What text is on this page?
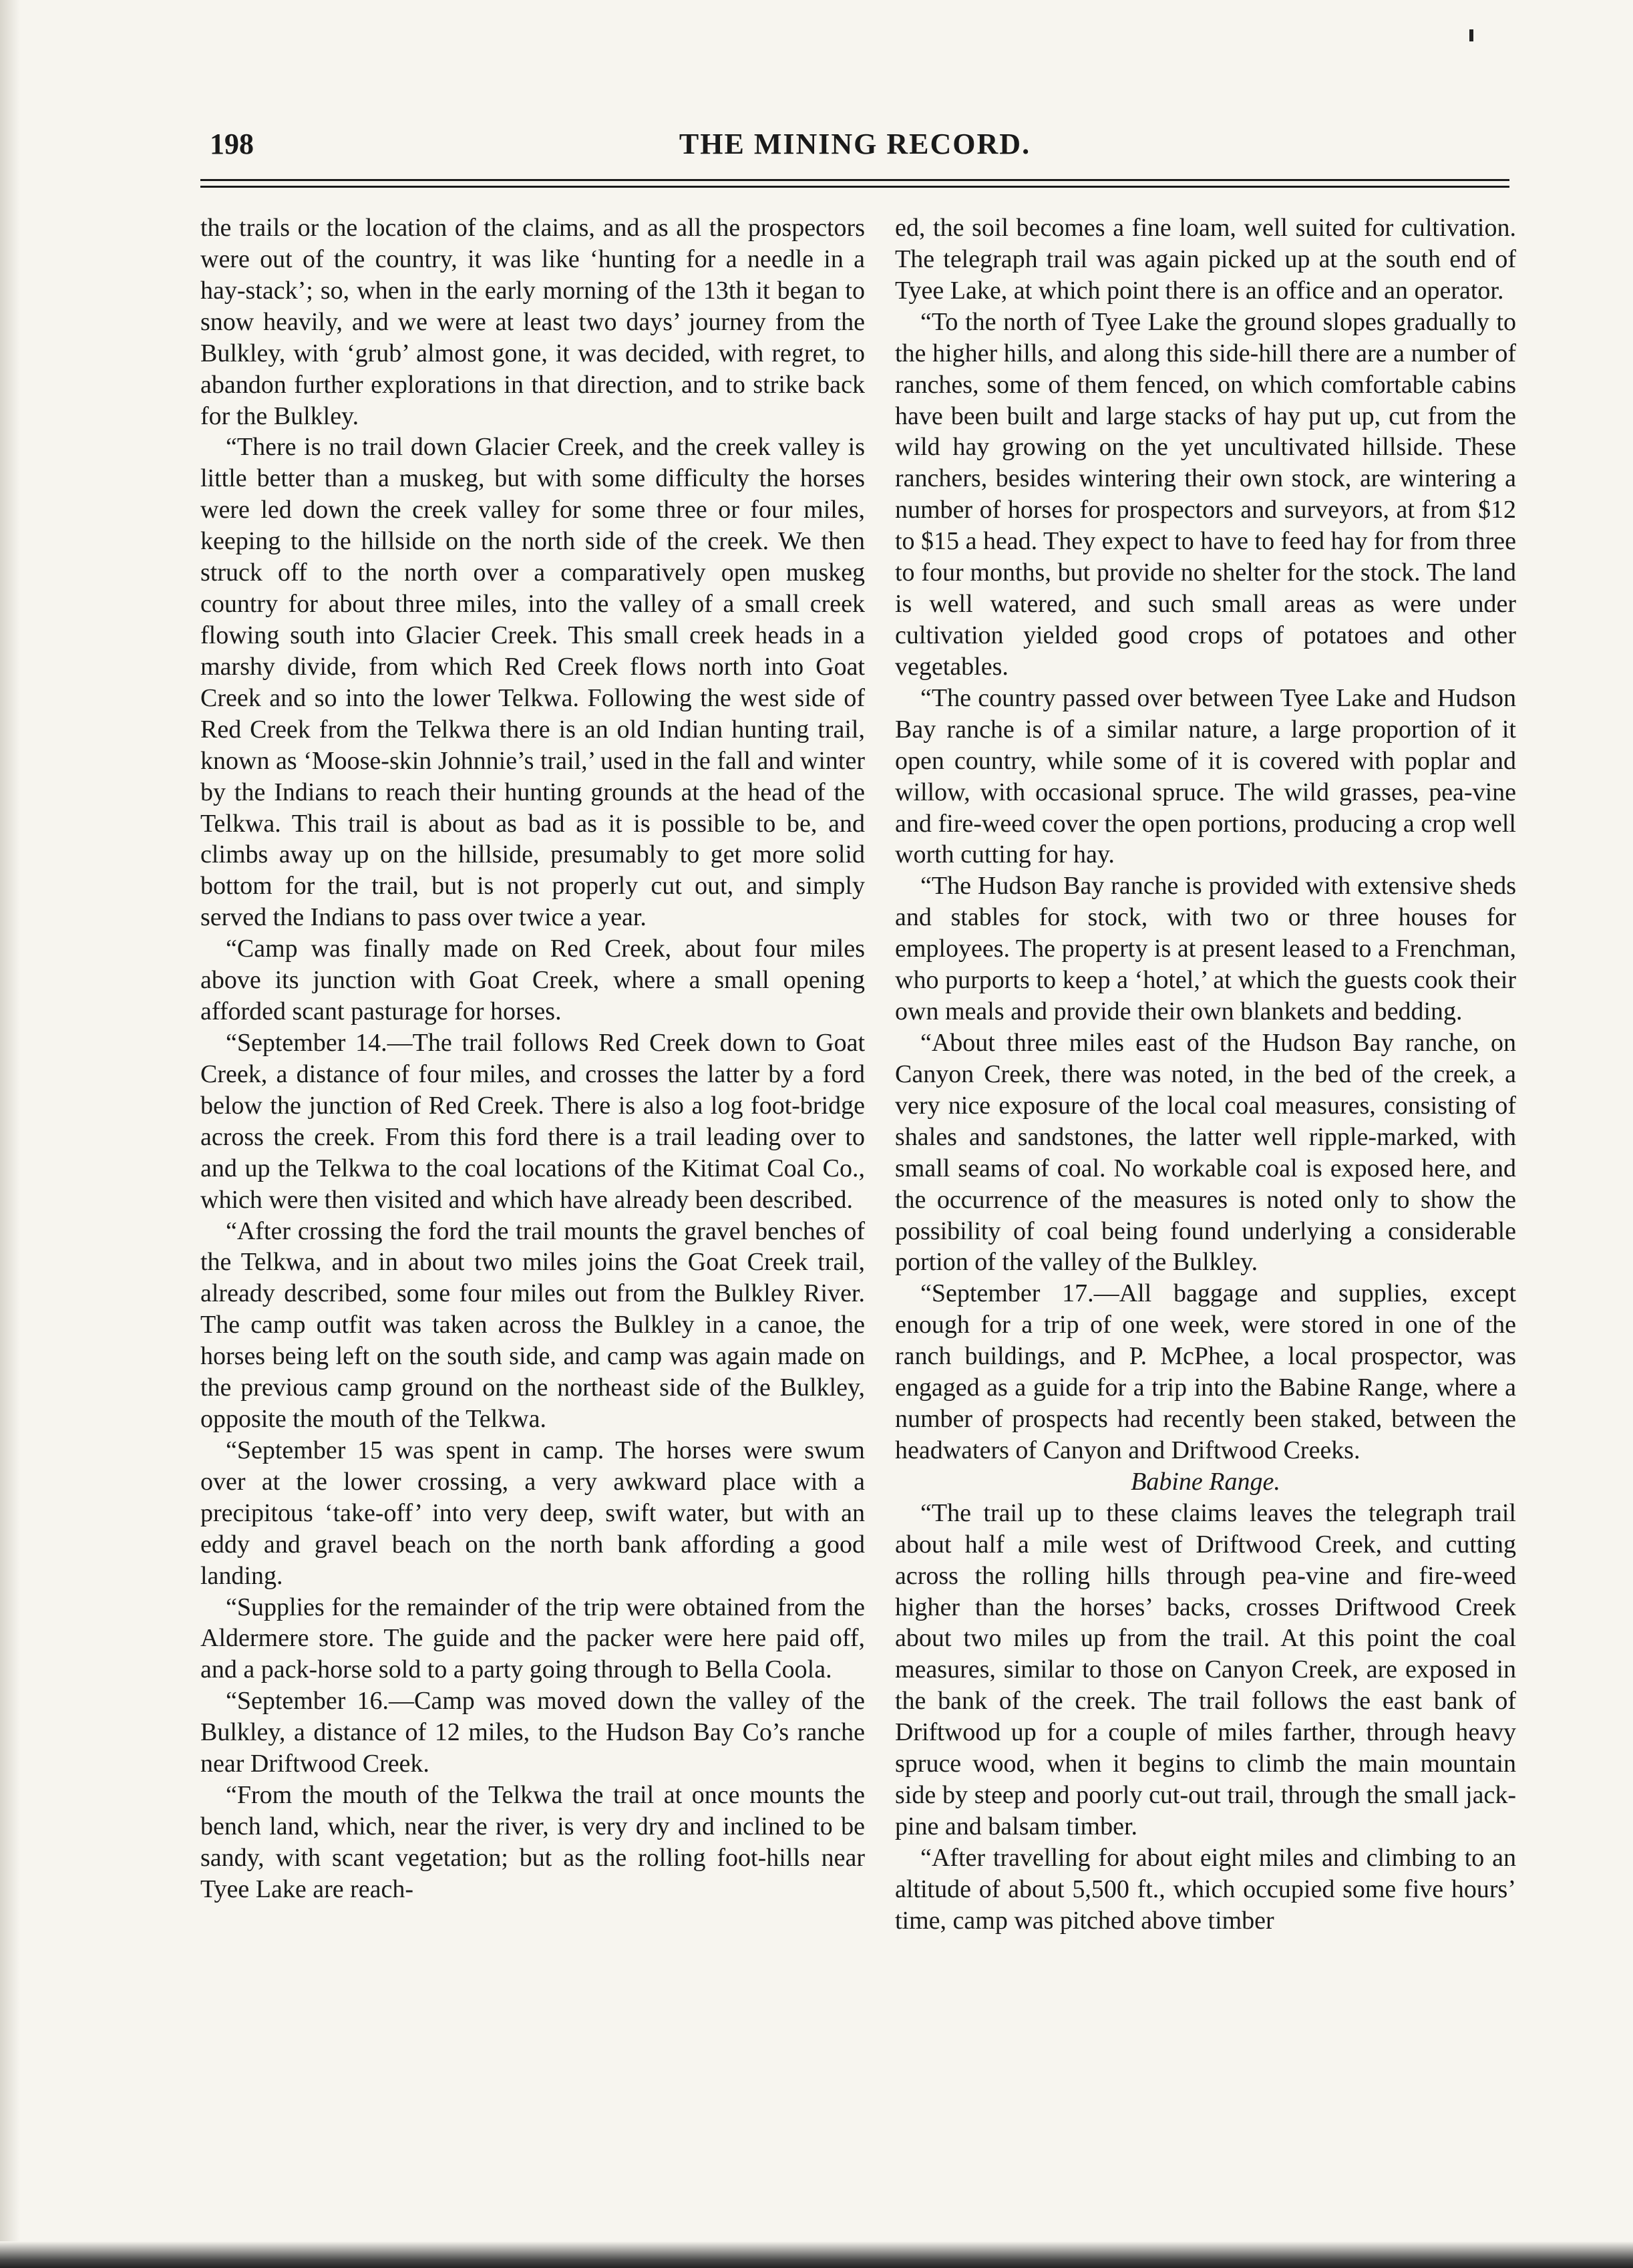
198	THE MINING RECORD.

the trails or the location of the claims, and as all the prospectors were out of the country, it was like ‘hunting for a needle in a hay-stack’; so, when in the early morning of the 13th it began to snow heavily, and we were at least two days’ journey from the Bulkley, with ‘grub’ almost gone, it was decided, with regret, to abandon further explorations in that direction, and to strike back for the Bulkley.

“There is no trail down Glacier Creek, and the creek valley is little better than a muskeg, but with some difficulty the horses were led down the creek valley for some three or four miles, keeping to the hillside on the north side of the creek. We then struck off to the north over a comparatively open muskeg country for about three miles, into the valley of a small creek flowing south into Glacier Creek. This small creek heads in a marshy divide, from which Red Creek flows north into Goat Creek and so into the lower Telkwa. Following the west side of Red Creek from the Telkwa there is an old Indian hunting trail, known as ‘Moose-skin Johnnie’s trail,’ used in the fall and winter by the Indians to reach their hunting grounds at the head of the Telkwa. This trail is about as bad as it is possible to be, and climbs away up on the hillside, presumably to get more solid bottom for the trail, but is not properly cut out, and simply served the Indians to pass over twice a year.

“Camp was finally made on Red Creek, about four miles above its junction with Goat Creek, where a small opening afforded scant pasturage for horses.

“September 14.—The trail follows Red Creek down to Goat Creek, a distance of four miles, and crosses the latter by a ford below the junction of Red Creek. There is also a log foot-bridge across the creek. From this ford there is a trail leading over to and up the Telkwa to the coal locations of the Kitimat Coal Co., which were then visited and which have already been described.

“After crossing the ford the trail mounts the gravel benches of the Telkwa, and in about two miles joins the Goat Creek trail, already described, some four miles out from the Bulkley River. The camp outfit was taken across the Bulkley in a canoe, the horses being left on the south side, and camp was again made on the previous camp ground on the northeast side of the Bulkley, opposite the mouth of the Telkwa.

“September 15 was spent in camp. The horses were swum over at the lower crossing, a very awkward place with a precipitous ‘take-off’ into very deep, swift water, but with an eddy and gravel beach on the north bank affording a good landing.

“Supplies for the remainder of the trip were obtained from the Aldermere store. The guide and the packer were here paid off, and a pack-horse sold to a party going through to Bella Coola.

“September 16.—Camp was moved down the valley of the Bulkley, a distance of 12 miles, to the Hudson Bay Co’s ranche near Driftwood Creek.

“From the mouth of the Telkwa the trail at once mounts the bench land, which, near the river, is very dry and inclined to be sandy, with scant vegetation; but as the rolling foot-hills near Tyee Lake are reach-

ed, the soil becomes a fine loam, well suited for cultivation. The telegraph trail was again picked up at the south end of Tyee Lake, at which point there is an office and an operator.

“To the north of Tyee Lake the ground slopes gradually to the higher hills, and along this side-hill there are a number of ranches, some of them fenced, on which comfortable cabins have been built and large stacks of hay put up, cut from the wild hay growing on the yet uncultivated hillside. These ranchers, besides wintering their own stock, are wintering a number of horses for prospectors and surveyors, at from $12 to $15 a head. They expect to have to feed hay for from three to four months, but provide no shelter for the stock. The land is well watered, and such small areas as were under cultivation yielded good crops of potatoes and other vegetables.

“The country passed over between Tyee Lake and Hudson Bay ranche is of a similar nature, a large proportion of it open country, while some of it is covered with poplar and willow, with occasional spruce. The wild grasses, pea-vine and fire-weed cover the open portions, producing a crop well worth cutting for hay.

“The Hudson Bay ranche is provided with extensive sheds and stables for stock, with two or three houses for employees. The property is at present leased to a Frenchman, who purports to keep a ‘hotel,’ at which the guests cook their own meals and provide their own blankets and bedding.

“About three miles east of the Hudson Bay ranche, on Canyon Creek, there was noted, in the bed of the creek, a very nice exposure of the local coal measures, consisting of shales and sandstones, the latter well ripple-marked, with small seams of coal. No workable coal is exposed here, and the occurrence of the measures is noted only to show the possibility of coal being found underlying a considerable portion of the valley of the Bulkley.

“September 17.—All baggage and supplies, except enough for a trip of one week, were stored in one of the ranch buildings, and P. McPhee, a local prospector, was engaged as a guide for a trip into the Babine Range, where a number of prospects had recently been staked, between the headwaters of Canyon and Driftwood Creeks.

Babine Range.

“The trail up to these claims leaves the telegraph trail about half a mile west of Driftwood Creek, and cutting across the rolling hills through pea-vine and fire-weed higher than the horses’ backs, crosses Driftwood Creek about two miles up from the trail. At this point the coal measures, similar to those on Canyon Creek, are exposed in the bank of the creek. The trail follows the east bank of Driftwood up for a couple of miles farther, through heavy spruce wood, when it begins to climb the main mountain side by steep and poorly cut-out trail, through the small jack-pine and balsam timber.

“After travelling for about eight miles and climbing to an altitude of about 5,500 ft., which occupied some five hours’ time, camp was pitched above timber
